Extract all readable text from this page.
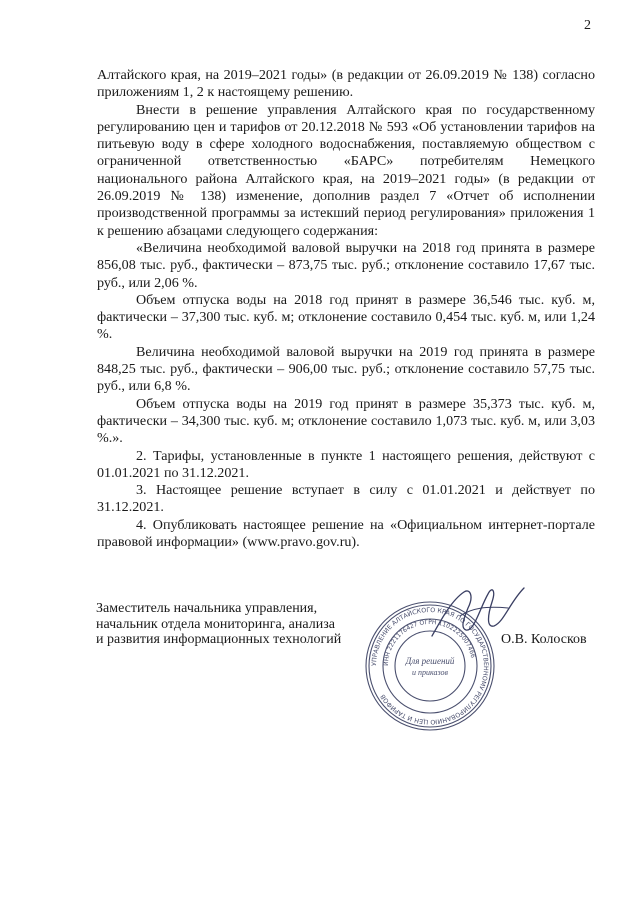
2

Алтайского края, на 2019–2021 годы» (в редакции от 26.09.2019 № 138) согласно приложениям 1, 2 к настоящему решению.

Внести в решение управления Алтайского края по государственному регулированию цен и тарифов от 20.12.2018 № 593 «Об установлении тарифов на питьевую воду в сфере холодного водоснабжения, поставляемую обществом с ограниченной ответственностью «БАРС» потребителям Немецкого национального района Алтайского края, на 2019–2021 годы» (в редакции от 26.09.2019 № 138) изменение, дополнив раздел 7 «Отчет об исполнении производственной программы за истекший период регулирования» приложения 1 к решению абзацами следующего содержания:

«Величина необходимой валовой выручки на 2018 год принята в размере 856,08 тыс. руб., фактически – 873,75 тыс. руб.; отклонение составило 17,67 тыс. руб., или 2,06 %.

Объем отпуска воды на 2018 год принят в размере 36,546 тыс. куб. м, фактически – 37,300 тыс. куб. м; отклонение составило 0,454 тыс. куб. м, или 1,24 %.

Величина необходимой валовой выручки на 2019 год принята в размере 848,25 тыс. руб., фактически – 906,00 тыс. руб.; отклонение составило 57,75 тыс. руб., или 6,8 %.

Объем отпуска воды на 2019 год принят в размере 35,373 тыс. куб. м, фактически – 34,300 тыс. куб. м; отклонение составило 1,073 тыс. куб. м, или 3,03 %.».

2. Тарифы, установленные в пункте 1 настоящего решения, действуют с 01.01.2021 по 31.12.2021.

3. Настоящее решение вступает в силу с 01.01.2021 и действует по 31.12.2021.

4. Опубликовать настоящее решение на «Официальном интернет-портале правовой информации» (www.pravo.gov.ru).

Заместитель начальника управления,
начальник отдела мониторинга, анализа
и развития информационных технологий
УПРАВЛЕНИЕ АЛТАЙСКОГО КРАЯ ПО ГОСУДАРСТВЕННОМУ РЕГУЛИРОВАНИЮ ЦЕН И ТАРИФОВ
ИНН 2221176427 ОГРН 1102225007466
Для решений
и приказов
О.В. Колосков
